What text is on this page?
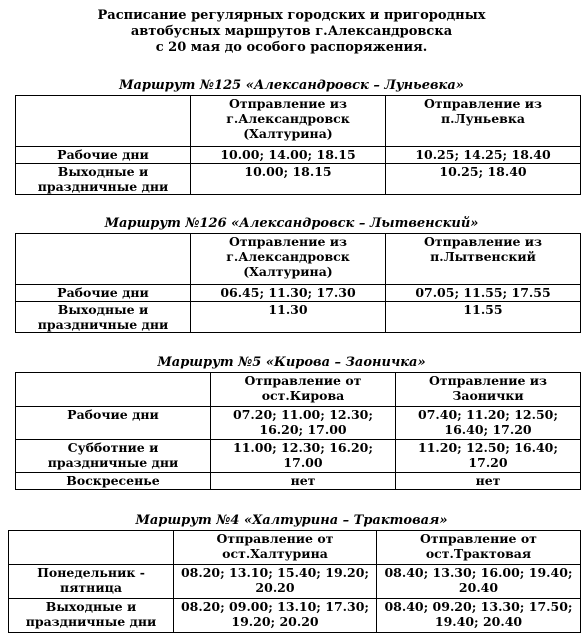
Расписание регулярных городских и пригородных
автобусных маршрутов г.Александровска
с 20 мая до особого распоряжения.
Маршрут №125 «Александровск – Луньевка»
	Отправление из г.Александровск (Халтурина)	Отправление из п.Луньевка
Рабочие дни	10.00; 14.00; 18.15	10.25; 14.25; 18.40
Выходные и праздничные дни	10.00; 18.15	10.25; 18.40
Маршрут №126 «Александровск – Лытвенский»
	Отправление из г.Александровск (Халтурина)	Отправление из п.Лытвенский
Рабочие дни	06.45; 11.30; 17.30	07.05; 11.55; 17.55
Выходные и праздничные дни	11.30	11.55
Маршрут №5 «Кирова – Заоничка»
	Отправление от ост.Кирова	Отправление из Заонички
Рабочие дни	07.20; 11.00; 12.30; 16.20; 17.00	07.40; 11.20; 12.50; 16.40; 17.20
Субботние и праздничные дни	11.00; 12.30; 16.20; 17.00	11.20; 12.50; 16.40; 17.20
Воскресенье	нет	нет
Маршрут №4 «Халтурина – Трактовая»
	Отправление от ост.Халтурина	Отправление от ост.Трактовая
Понедельник - пятница	08.20; 13.10; 15.40; 19.20; 20.20	08.40; 13.30; 16.00; 19.40; 20.40
Выходные и праздничные дни	08.20; 09.00; 13.10; 17.30; 19.20; 20.20	08.40; 09.20; 13.30; 17.50; 19.40; 20.40
